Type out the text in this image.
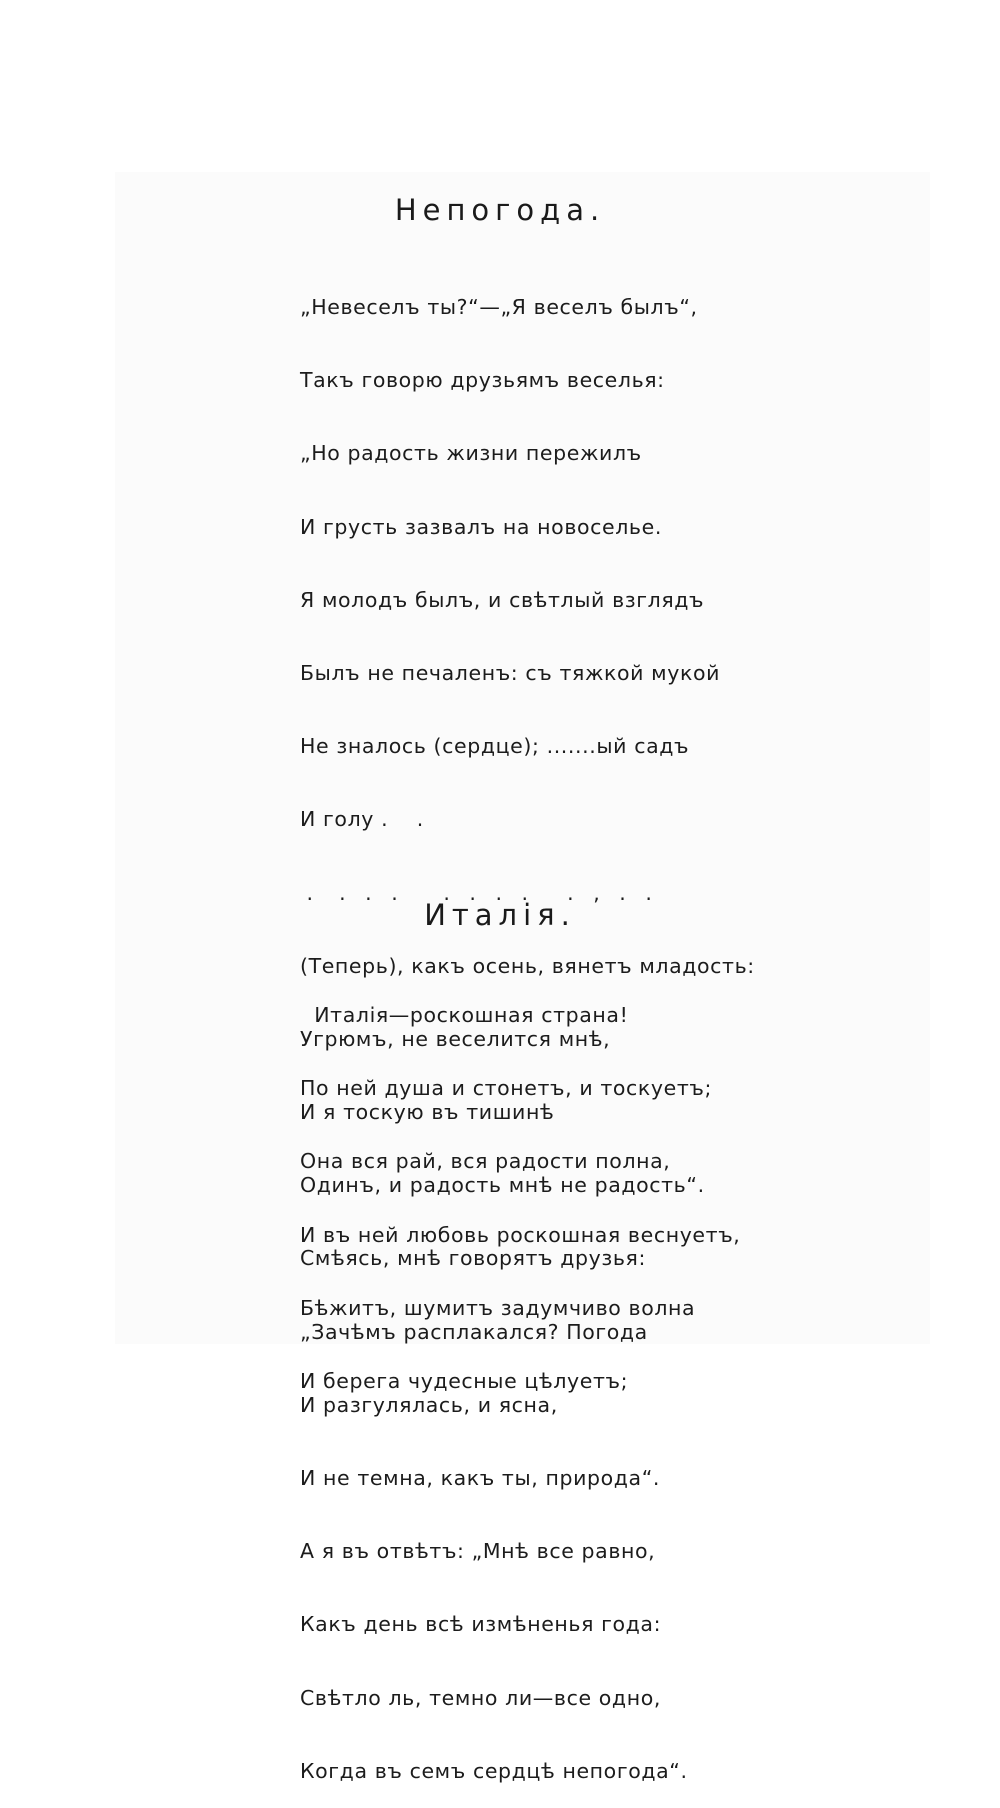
Непогода.

„Невеселъ ты?“—„Я веселъ былъ“,

Такъ говорю друзьямъ веселья:

„Но радость жизни пережилъ

И грусть зазвалъ на новоселье.

Я молодъ былъ, и свѣтлый взглядъ

Былъ не печаленъ: съ тяжкой мукой

Не зналось (сердце); .......ый садъ

И голу .    .

.    .   .   .       .   .   .   .      .   ,   .   .

(Теперь), какъ осень, вянетъ младость:

Угрюмъ, не веселится мнѣ,

И я тоскую въ тишинѣ

Одинъ, и радость мнѣ не радость“.

Смѣясь, мнѣ говорятъ друзья:

„Зачѣмъ расплакался? Погода

И разгулялась, и ясна,

И не темна, какъ ты, природа“.

А я въ отвѣтъ: „Мнѣ все равно,

Какъ день всѣ измѣненья года:

Свѣтло ль, темно ли—все одно,

Когда въ семъ сердцѣ непогода“.

Италія.

Италія—роскошная страна!

По ней душа и стонетъ, и тоскуетъ;

Она вся рай, вся радости полна,

И въ ней любовь роскошная веснуетъ,

Бѣжитъ, шумитъ задумчиво волна

И берега чудесные цѣлуетъ;
